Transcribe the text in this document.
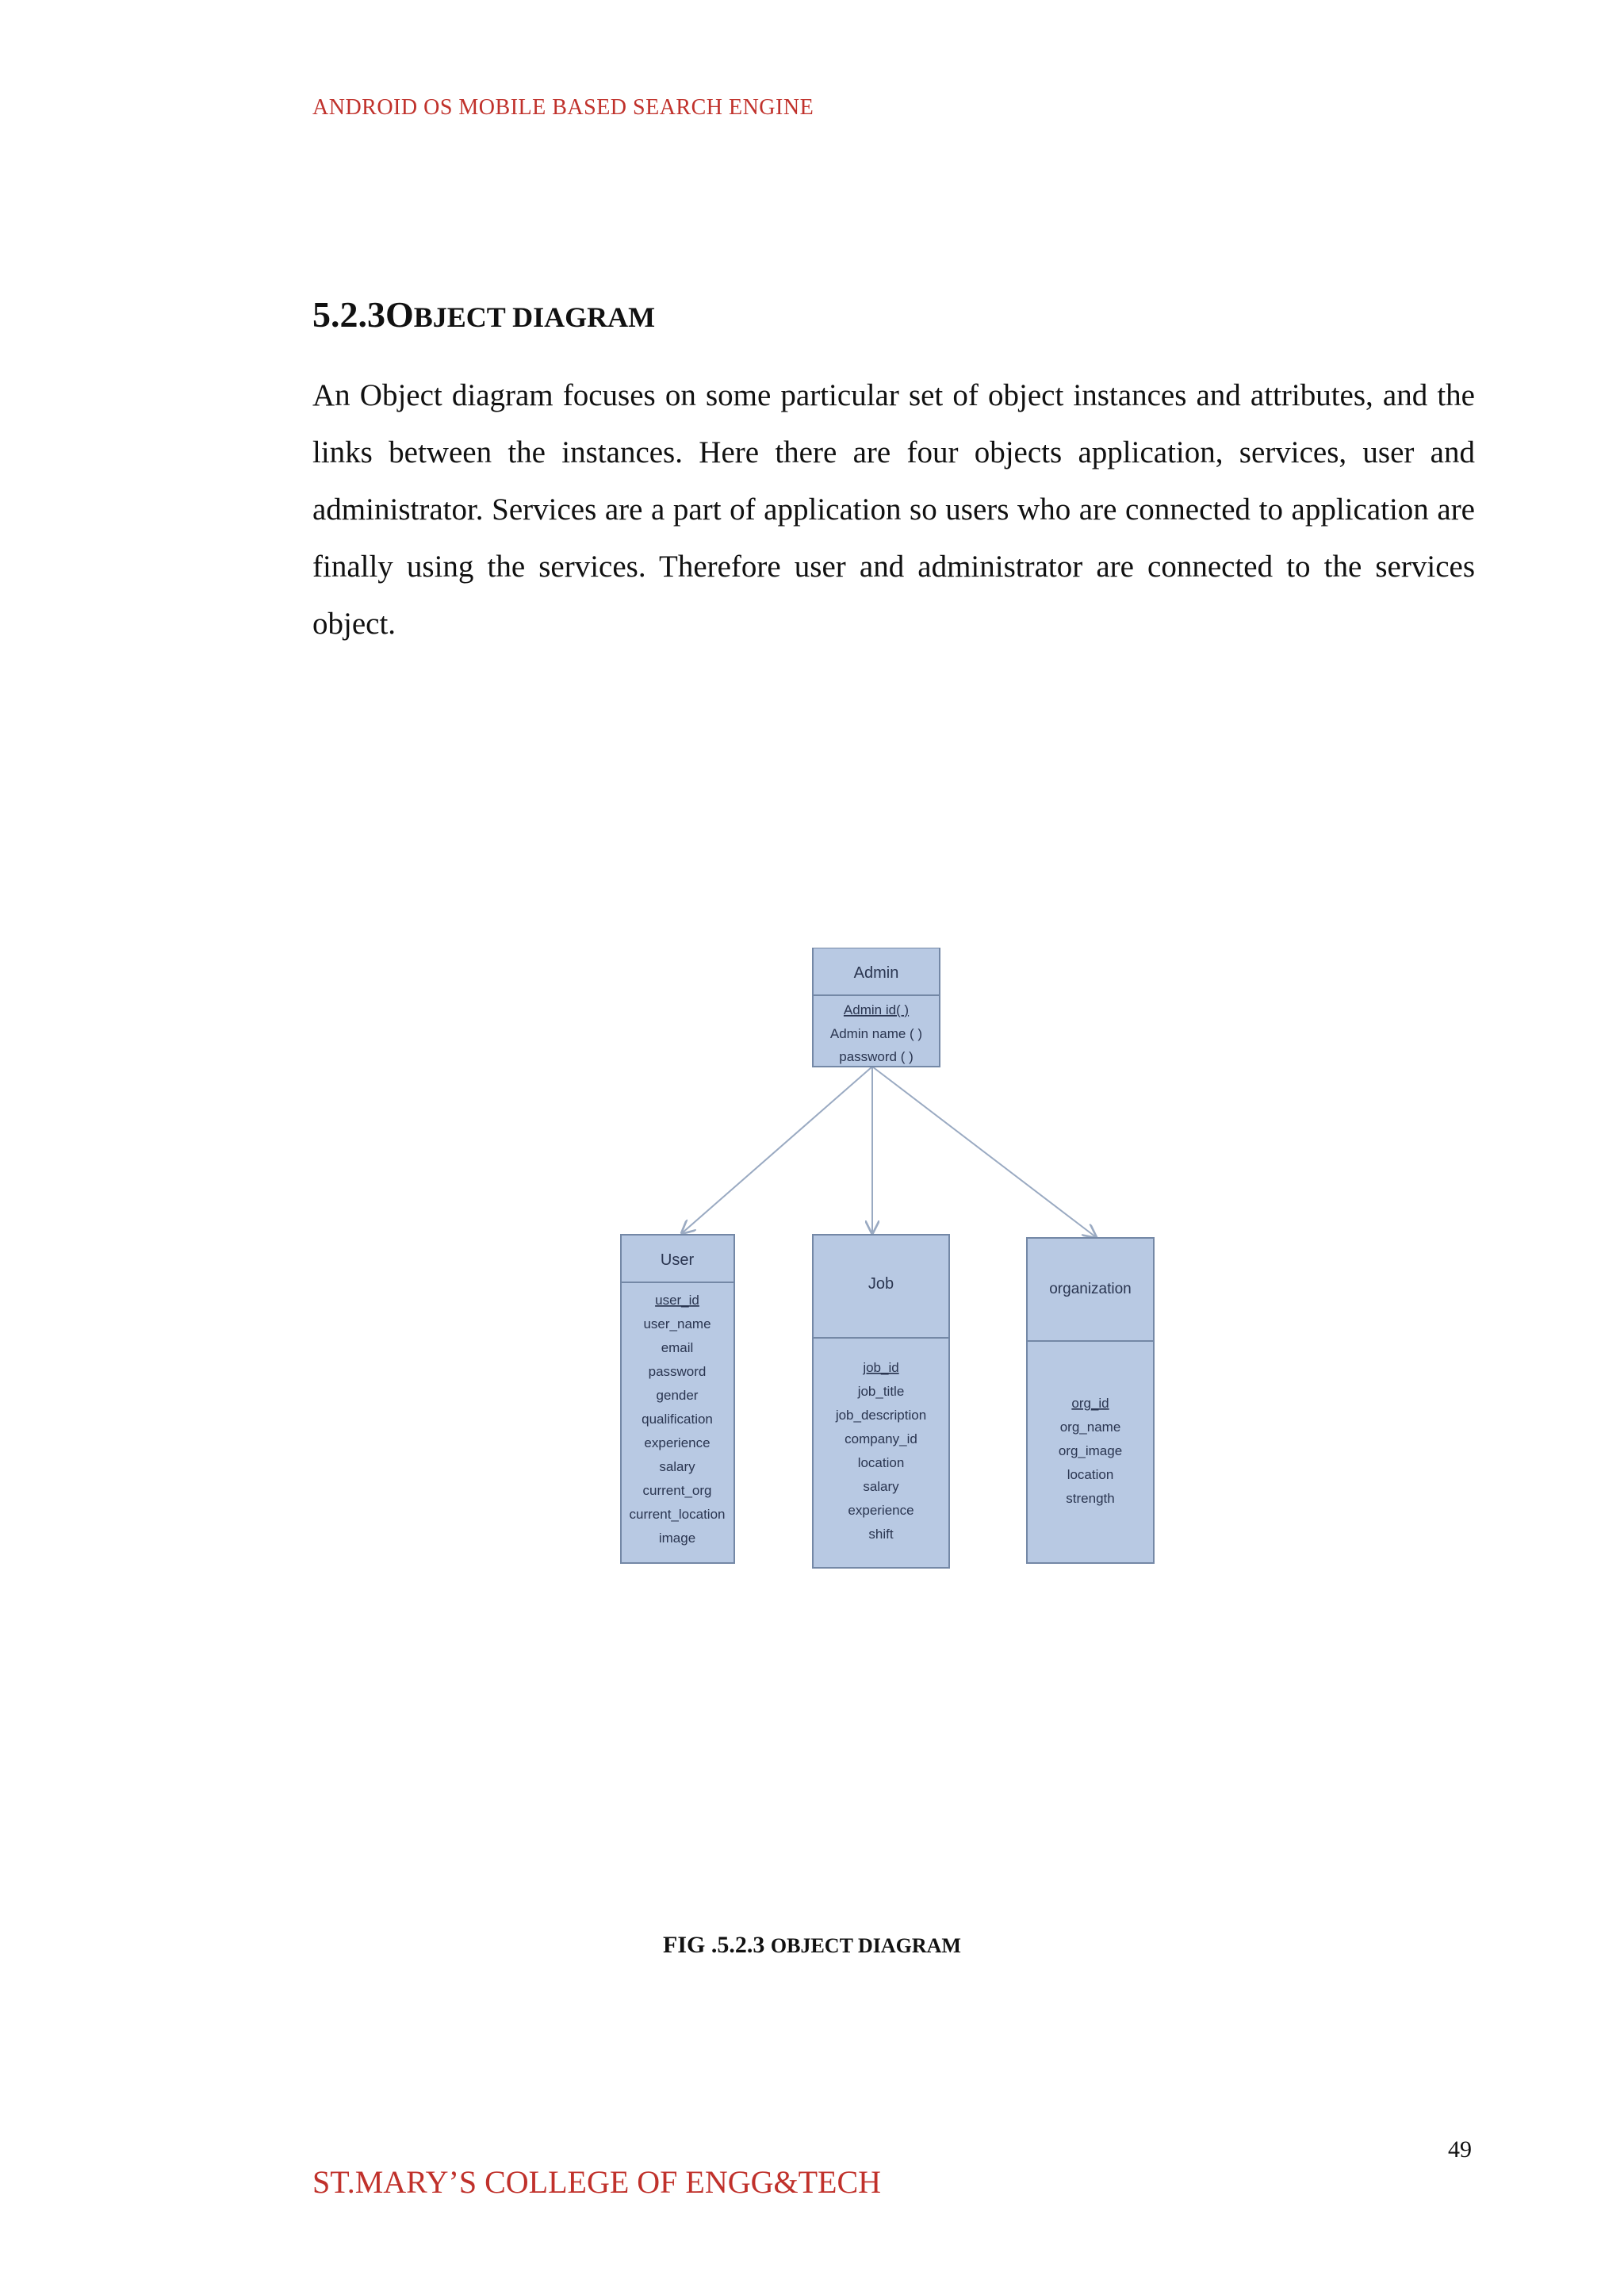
ANDROID OS MOBILE BASED SEARCH ENGINE
5.2.3OBJECT DIAGRAM

An Object diagram focuses on some particular set of object instances and attributes, and the links between the instances. Here there are four objects application, services, user and administrator. Services are a part of application so users who are connected to application are finally using the services. Therefore user and administrator are connected to the services object.

Admin
Admin id( )
Admin name ( )
password ( )
User
user_id
user_name
email
password
gender
qualification
experience
salary
current_org
current_location
image
Job
job_id
job_title
job_description
company_id
location
salary
experience
shift
organization
org_id
org_name
org_image
location
strength
FIG .5.2.3 OBJECT DIAGRAM
49
ST.MARY’S COLLEGE OF ENGG&TECH
